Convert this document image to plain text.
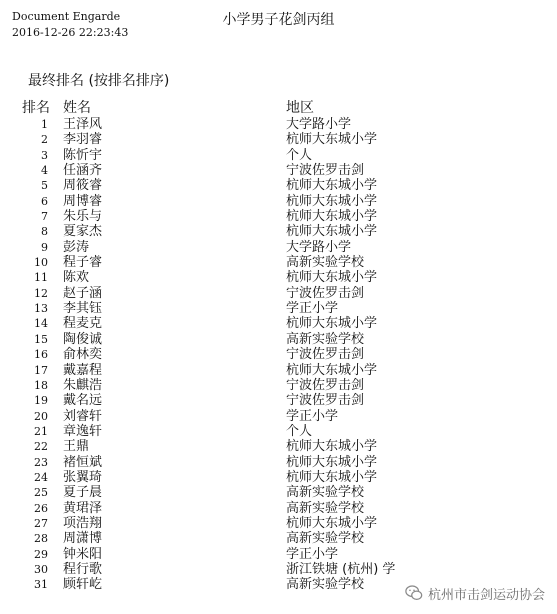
Document Engarde
2016-12-26 22:23:43
小学男子花剑丙组
最终排名 (按排名排序)
排名 姓名	地区
1 王泽风	大学路小学
2 李羽睿	杭师大东城小学
3 陈忻宇	个人
4 任涵齐	宁波佐罗击剑
5 周筱睿	杭师大东城小学
6 周博睿	杭师大东城小学
7 朱乐与	杭师大东城小学
8 夏家杰	杭师大东城小学
9 彭涛	大学路小学
10 程子睿	高新实验学校
11 陈欢	杭师大东城小学
12 赵子涵	宁波佐罗击剑
13 李其钰	学正小学
14 程麦克	杭师大东城小学
15 陶俊诚	高新实验学校
16 俞林奕	宁波佐罗击剑
17 戴嘉程	杭师大东城小学
18 朱麒浩	宁波佐罗击剑
19 戴名远	宁波佐罗击剑
20 刘睿轩	学正小学
21 章逸轩	个人
22 王鼎	杭师大东城小学
23 褚恒斌	杭师大东城小学
24 张翼琦	杭师大东城小学
25 夏子晨	高新实验学校
26 黄珺泽	高新实验学校
27 项浩翔	杭师大东城小学
28 周潇博	高新实验学校
29 钟米阳	学正小学
30 程行歌	浙江铁塘 (杭州) 学
31 顾轩屹	高新实验学校
杭州市击剑运动协会
